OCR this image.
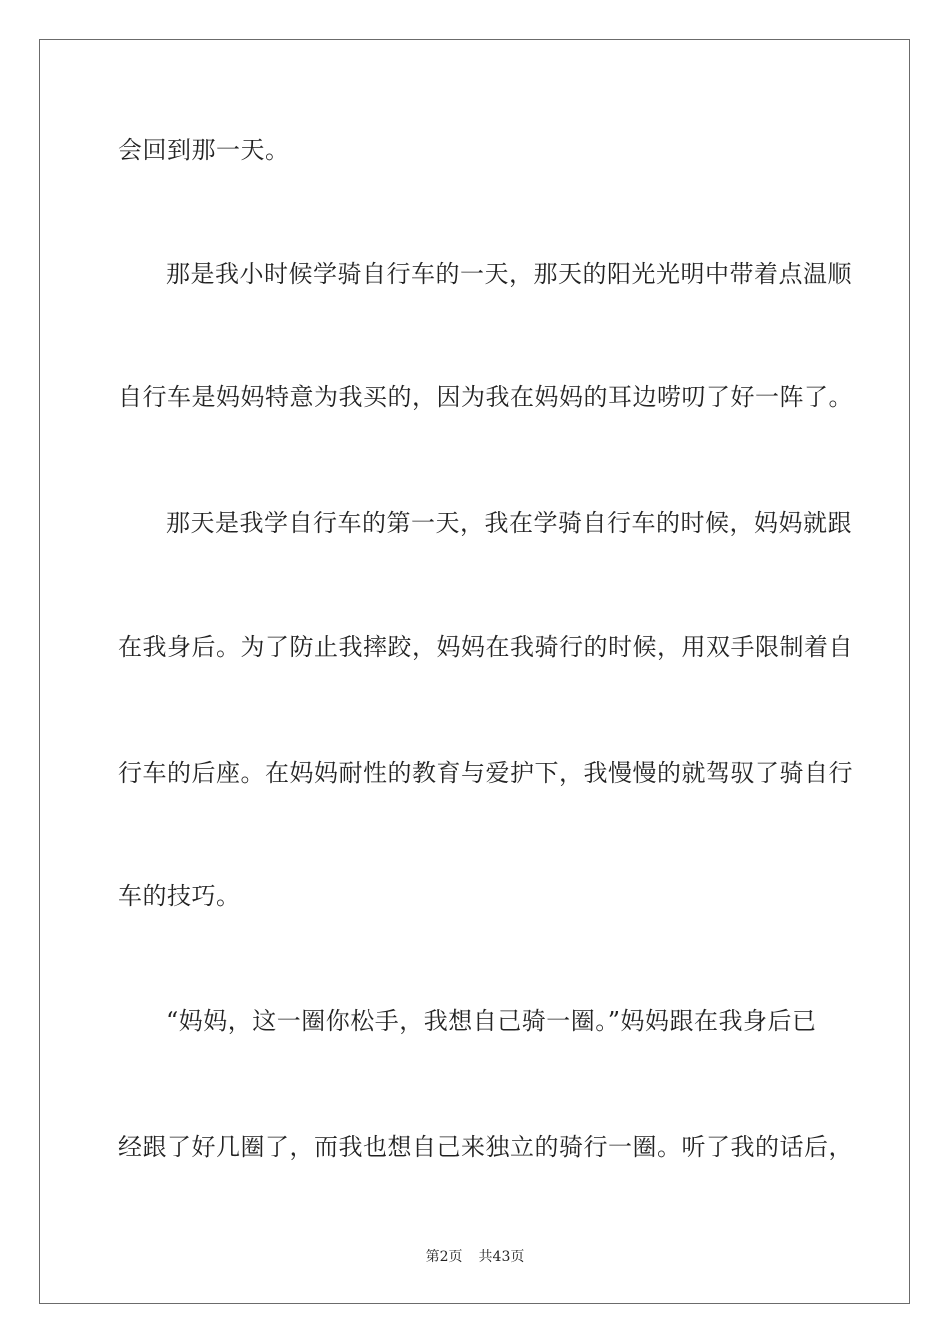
会回到那一天。
那是我小时候学骑自行车的一天，那天的阳光光明中带着点温顺
自行车是妈妈特意为我买的，因为我在妈妈的耳边唠叨了好一阵了。
那天是我学自行车的第一天，我在学骑自行车的时候，妈妈就跟
在我身后。为了防止我摔跤，妈妈在我骑行的时候，用双手限制着自
行车的后座。在妈妈耐性的教育与爱护下，我慢慢的就驾驭了骑自行
车的技巧。
“妈妈，这一圈你松手，我想自己骑一圈。”妈妈跟在我身后已
经跟了好几圈了，而我也想自己来独立的骑行一圈。听了我的话后，
第2页 共43页
